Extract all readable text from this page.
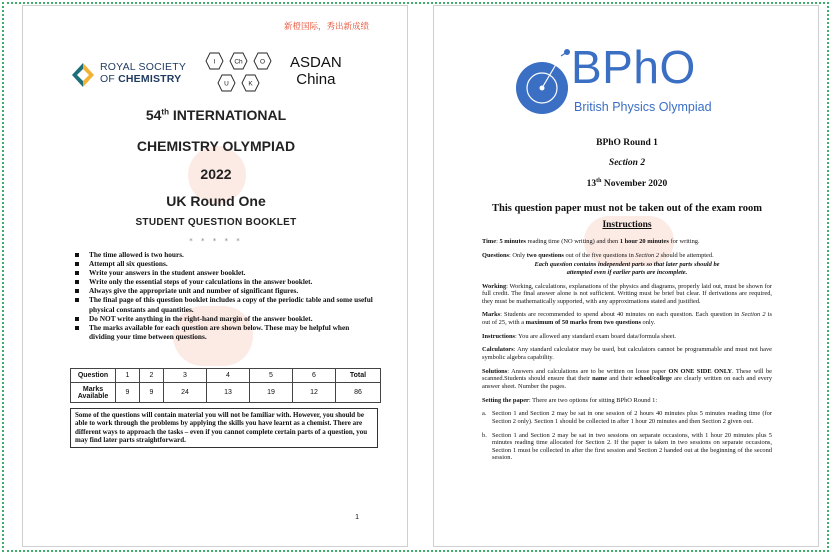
新橙国际，秀出新成绩
ROYAL SOCIETY
OF CHEMISTRY
I	Ch	O
U	K
ASDAN
China
54th INTERNATIONAL
CHEMISTRY OLYMPIAD
2022
UK Round One
STUDENT QUESTION BOOKLET
* * * * *
The time allowed is two hours.
Attempt all six questions.
Write your answers in the student answer booklet.
Write only the essential steps of your calculations in the answer booklet.
Always give the appropriate unit and number of significant figures.
The final page of this question booklet includes a copy of the periodic table and some useful physical constants and quantities.
Do NOT write anything in the right-hand margin of the answer booklet.
The marks available for each question are shown below. These may be helpful when dividing your time between questions.
Question	1	2	3	4	5	6	Total

Marks
Available	9	9	24	13	19	12	86
Some of the questions will contain material you will not be familiar with. However, you should be able to work through the problems by applying the skills you have learnt as a chemist. There are different ways to approach the tasks – even if you cannot complete certain parts of a question, you may find later parts straightforward.
1
BPhO
British Physics Olympiad
BPhO Round 1
Section 2
13th November 2020
This question paper must not be taken out of the exam room
Instructions

Time: 5 minutes reading time (NO writing) and then 1 hour 20 minutes for writing.

Questions: Only two questions out of the five questions in Section 2 should be attempted.

Each question contains independent parts so that later parts should be
attempted even if earlier parts are incomplete.

Working: Working, calculations, explanations of the physics and diagrams, properly laid out, must be shown for full credit. The final answer alone is not sufficient. Writing must be brief but clear. If derivations are required, they must be mathematically supported, with any approximations stated and justified.

Marks: Students are recommended to spend about 40 minutes on each question. Each question in Section 2 is out of 25, with a maximum of 50 marks from two questions only.

Instructions: You are allowed any standard exam board data/formula sheet.

Calculators: Any standard calculator may be used, but calculators cannot be programmable and must not have symbolic algebra capability.

Solutions: Answers and calculations are to be written on loose paper ON ONE SIDE ONLY. These will be scanned.Students should ensure that their name and their school/college are clearly written on each and every answer sheet. Number the pages.

Setting the paper: There are two options for sitting BPhO Round 1:

a. Section 1 and Section 2 may be sat in one session of 2 hours 40 minutes plus 5 minutes reading time (for Section 2 only). Section 1 should be collected in after 1 hour 20 minutes and then Section 2 given out.

b. Section 1 and Section 2 may be sat in two sessions on separate occasions, with 1 hour 20 minutes plus 5 minutes reading time allocated for Section 2. If the paper is taken in two sessions on separate occasions, Section 1 must be collected in after the first session and Section 2 handed out at the beginning of the second session.
